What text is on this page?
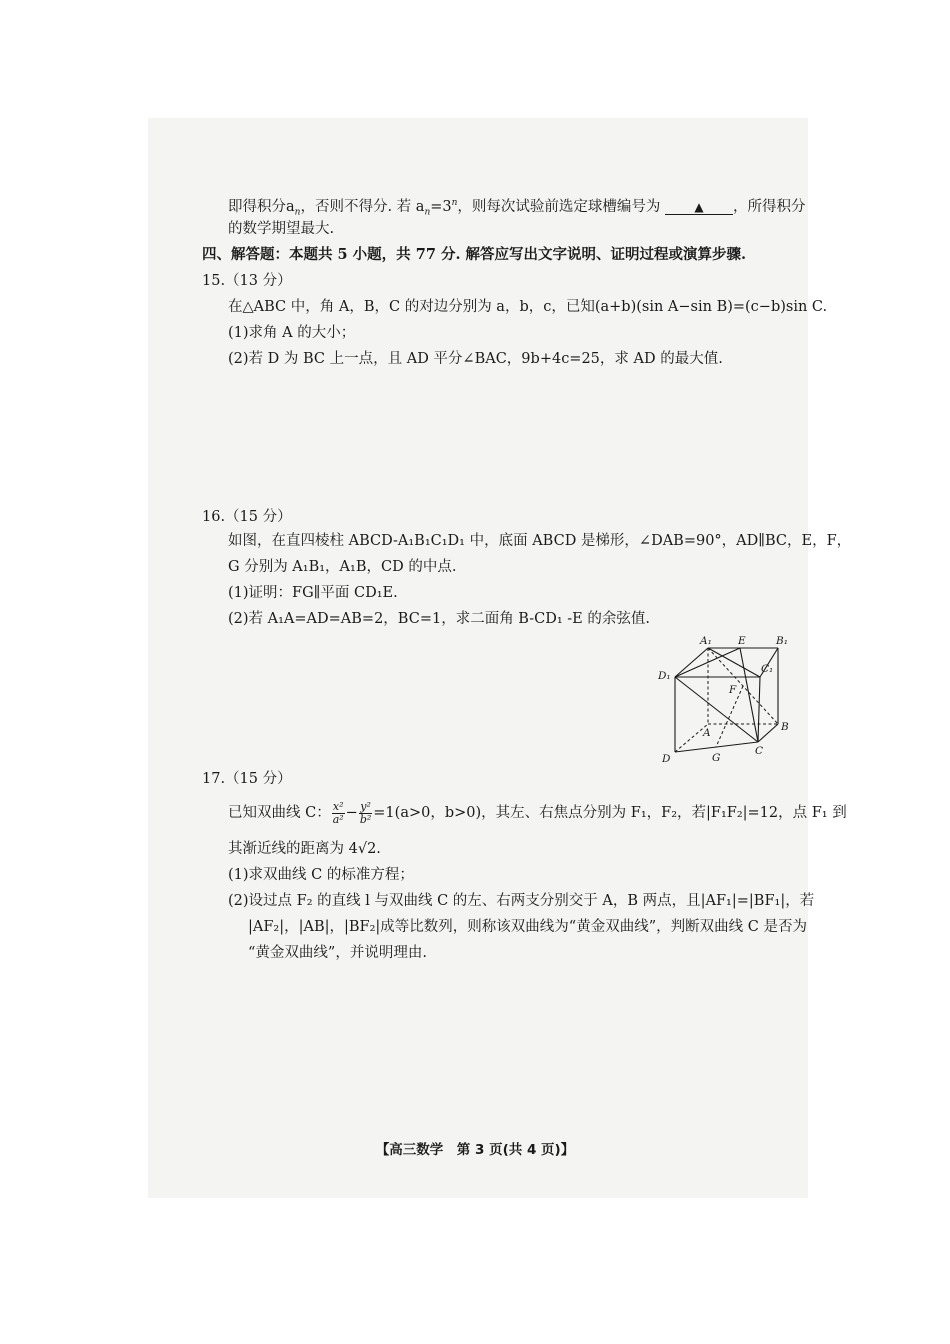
即得积分$a_n$，否则不得分. 若 $a_n=3^n$，则每次试验前选定球槽编号为	▲ ，所得积分
的数学期望最大.
四、解答题：本题共 5 小题，共 77 分. 解答应写出文字说明、证明过程或演算步骤.
15.（13 分）
在△ABC 中，角 A，B，C 的对边分别为 a，b，c，已知(a+b)(sin A−sin B)=(c−b)sin C.
(1)求角 A 的大小；
(2)若 D 为 BC 上一点，且 AD 平分∠BAC，9b+4c=25，求 AD 的最大值.
16.（15 分）
如图，在直四棱柱 ABCD-A₁B₁C₁D₁ 中，底面 ABCD 是梯形，∠DAB=90°，AD∥BC，E，F，
G 分别为 A₁B₁，A₁B，CD 的中点.
(1)证明：FG∥平面 CD₁E.
(2)若 A₁A=AD=AB=2，BC=1，求二面角 B-CD₁ -E 的余弦值.
A₁ E	B₁
C₁
D₁
F
A	B
C
D	G
17.（15 分）
已知双曲线 C： $\frac{\text{x²}}{\text{a²}} - \frac{\text{y²}}{\text{b²}} =1(a>0$，b>0)，其左、右焦点分别为 F₁，F₂，若|F₁F₂|=12，点 F₁ 到
其渐近线的距离为 4√2.
(1)求双曲线 C 的标准方程；
(2)设过点 F₂ 的直线 l 与双曲线 C 的左、右两支分别交于 A，B 两点，且|AF₁|=|BF₁|，若
|AF₂|，|AB|，|BF₂|成等比数列，则称该双曲线为“黄金双曲线”，判断双曲线 C 是否为
“黄金双曲线”，并说明理由.
【高三数学　第 3 页(共 4 页)】
